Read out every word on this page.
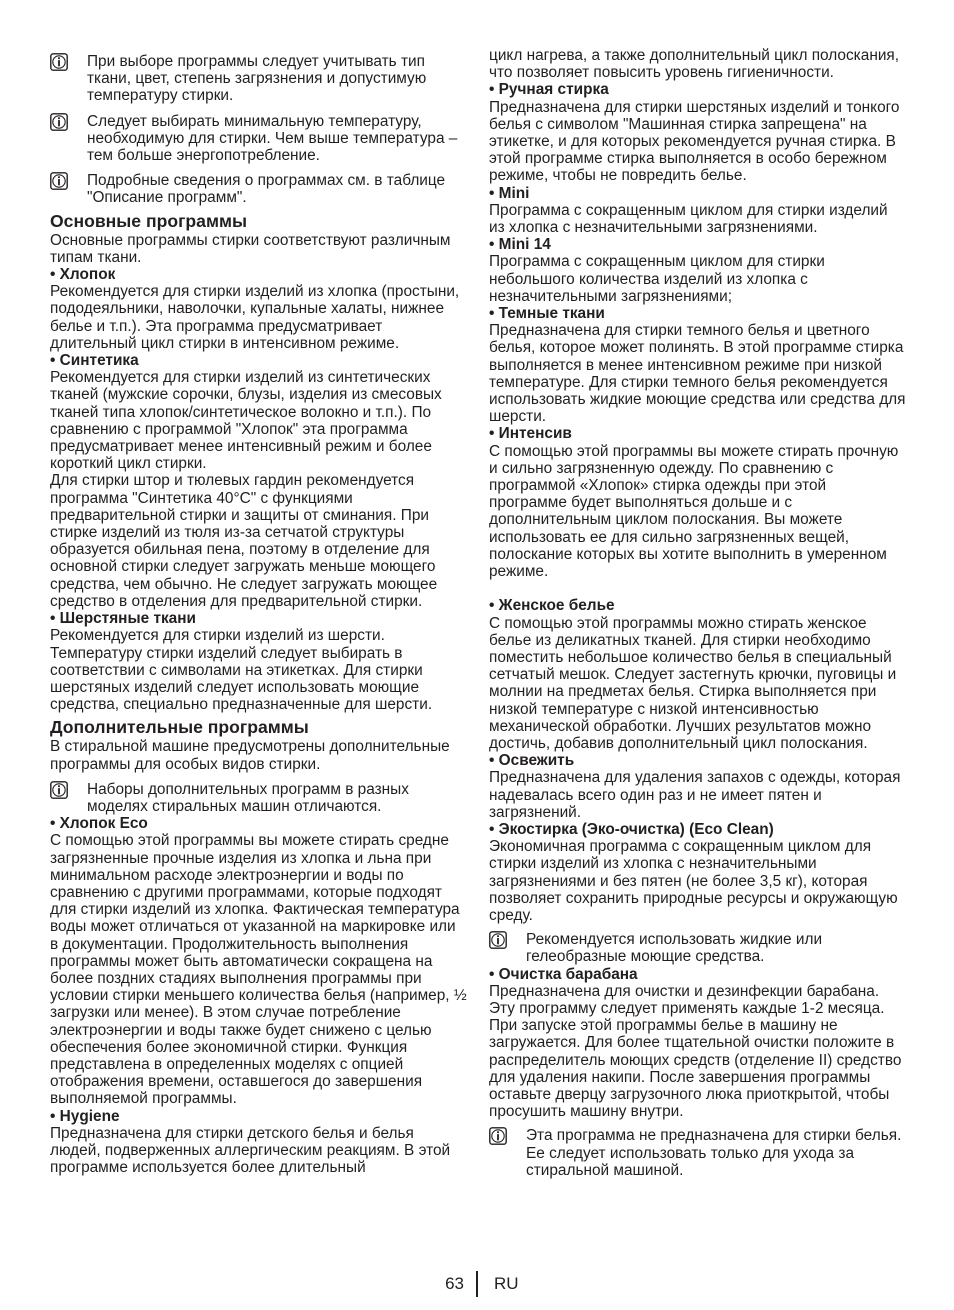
При выборе программы следует учитывать тип ткани, цвет, степень загрязнения и допустимую температуру стирки.

Следует выбирать минимальную температуру, необходимую для стирки. Чем выше температура – тем больше энергопотребление.

Подробные сведения о программах см. в таблице "Описание программ".

Основные программы

Основные программы стирки соответствуют различным типам ткани.

• Хлопок

Рекомендуется для стирки изделий из хлопка (простыни, пододеяльники, наволочки, купальные халаты, нижнее белье и т.п.). Эта программа предусматривает длительный цикл стирки в интенсивном режиме.

• Синтетика

Рекомендуется для стирки изделий из синтетических тканей (мужские сорочки, блузы, изделия из смесовых тканей типа хлопок/синтетическое волокно и т.п.). По сравнению с программой "Хлопок" эта программа предусматривает менее интенсивный режим и более короткий цикл стирки.

Для стирки штор и тюлевых гардин рекомендуется программа "Синтетика 40°C" с функциями предварительной стирки и защиты от сминания. При стирке изделий из тюля из-за сетчатой структуры образуется обильная пена, поэтому в отделение для основной стирки следует загружать меньше моющего средства, чем обычно. Не следует загружать моющее средство в отделения для предварительной стирки.

• Шерстяные ткани

Рекомендуется для стирки изделий из шерсти. Температуру стирки изделий следует выбирать в соответствии с символами на этикетках. Для стирки шерстяных изделий следует использовать моющие средства, специально предназначенные для шерсти.

Дополнительные программы

В стиральной машине предусмотрены дополнительные программы для особых видов стирки.

Наборы дополнительных программ в разных моделях стиральных машин отличаются.

• Хлопок Eco

С помощью этой программы вы можете стирать средне загрязненные прочные изделия из хлопка и льна при минимальном расходе электроэнергии и воды по сравнению с другими программами, которые подходят для стирки изделий из хлопка. Фактическая температура воды может отличаться от указанной на маркировке или в документации. Продолжительность выполнения программы может быть автоматически сокращена на более поздних стадиях выполнения программы при условии стирки меньшего количества белья (например, ½ загрузки или менее). В этом случае потребление электроэнергии и воды также будет снижено с целью обеспечения более экономичной стирки. Функция представлена в определенных моделях с опцией отображения времени, оставшегося до завершения выполняемой программы.

• Hygiene

Предназначена для стирки детского белья и белья людей, подверженных аллергическим реакциям. В этой программе используется более длительный

цикл нагрева, а также дополнительный цикл полоскания, что позволяет повысить уровень гигиеничности.

• Ручная стирка

Предназначена для стирки шерстяных изделий и тонкого белья с символом "Машинная стирка запрещена" на этикетке, и для которых рекомендуется ручная стирка. В этой программе стирка выполняется в особо бережном режиме, чтобы не повредить белье.

• Mini

Программа с сокращенным циклом для стирки изделий из хлопка с незначительными загрязнениями.

• Mini 14

Программа с сокращенным циклом для стирки небольшого количества изделий из хлопка с незначительными загрязнениями;

• Темные ткани

Предназначена для стирки темного белья и цветного белья, которое может полинять. В этой программе стирка выполняется в менее интенсивном режиме при низкой температуре. Для стирки темного белья рекомендуется использовать жидкие моющие средства или средства для шерсти.

• Интенсив

С помощью этой программы вы можете стирать прочную и сильно загрязненную одежду. По сравнению с программой «Хлопок» стирка одежды при этой программе будет выполняться дольше и с дополнительным циклом полоскания. Вы можете использовать ее для сильно загрязненных вещей, полоскание которых вы хотите выполнить в умеренном режиме.

• Женское белье

С помощью этой программы можно стирать женское белье из деликатных тканей. Для стирки необходимо поместить небольшое количество белья в специальный сетчатый мешок. Следует застегнуть крючки, пуговицы и молнии на предметах белья. Стирка выполняется при низкой температуре с низкой интенсивностью механической обработки. Лучших результатов можно достичь, добавив дополнительный цикл полоскания.

• Освежить

Предназначена для удаления запахов с одежды, которая надевалась всего один раз и не имеет пятен и загрязнений.

• Экостирка (Эко-очистка) (Eco Clean)

Экономичная программа с сокращенным циклом для стирки изделий из хлопка с незначительными загрязнениями и без пятен (не более 3,5 кг), которая позволяет сохранить природные ресурсы и окружающую среду.

Рекомендуется использовать жидкие или гелеобразные моющие средства.

• Очистка барабана

Предназначена для очистки и дезинфекции барабана. Эту программу следует применять каждые 1-2 месяца. При запуске этой программы белье в машину не загружается. Для более тщательной очистки положите в распределитель моющих средств (отделение II) средство для удаления накипи. После завершения программы оставьте дверцу загрузочного люка приоткрытой, чтобы просушить машину внутри.

Эта программа не предназначена для стирки белья. Ее следует использовать только для ухода за стиральной машиной.

63 RU
